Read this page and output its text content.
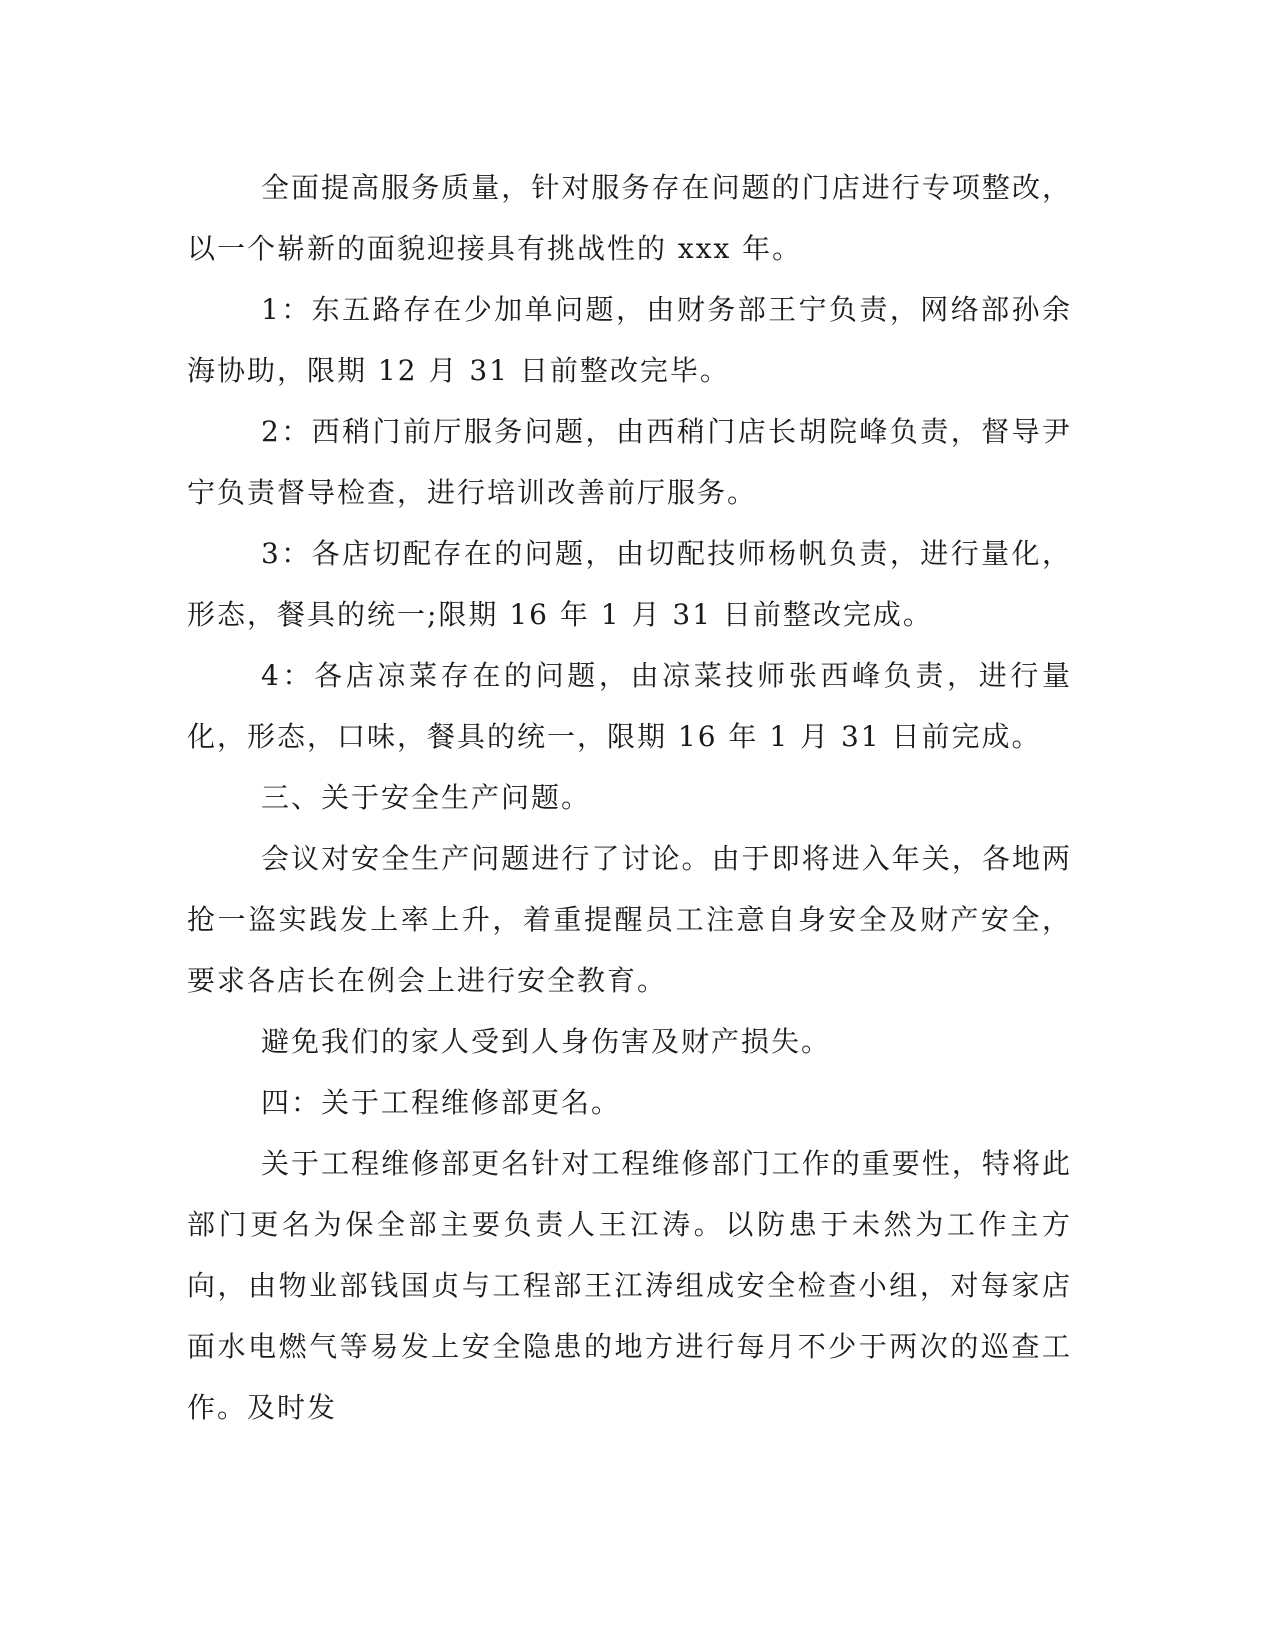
全面提高服务质量，针对服务存在问题的门店进行专项整改，以一个崭新的面貌迎接具有挑战性的 xxx 年。

1：东五路存在少加单问题，由财务部王宁负责，网络部孙余海协助，限期 12 月 31 日前整改完毕。

2：西稍门前厅服务问题，由西稍门店长胡院峰负责，督导尹宁负责督导检查，进行培训改善前厅服务。

3：各店切配存在的问题，由切配技师杨帆负责，进行量化，形态，餐具的统一;限期 16 年 1 月 31 日前整改完成。

4：各店凉菜存在的问题，由凉菜技师张西峰负责，进行量化，形态，口味，餐具的统一，限期 16 年 1 月 31 日前完成。

三、关于安全生产问题。

会议对安全生产问题进行了讨论。由于即将进入年关，各地两抢一盗实践发上率上升，着重提醒员工注意自身安全及财产安全，要求各店长在例会上进行安全教育。

避免我们的家人受到人身伤害及财产损失。

四：关于工程维修部更名。

关于工程维修部更名针对工程维修部门工作的重要性，特将此部门更名为保全部主要负责人王江涛。以防患于未然为工作主方向，由物业部钱国贞与工程部王江涛组成安全检查小组，对每家店面水电燃气等易发上安全隐患的地方进行每月不少于两次的巡查工作。及时发
